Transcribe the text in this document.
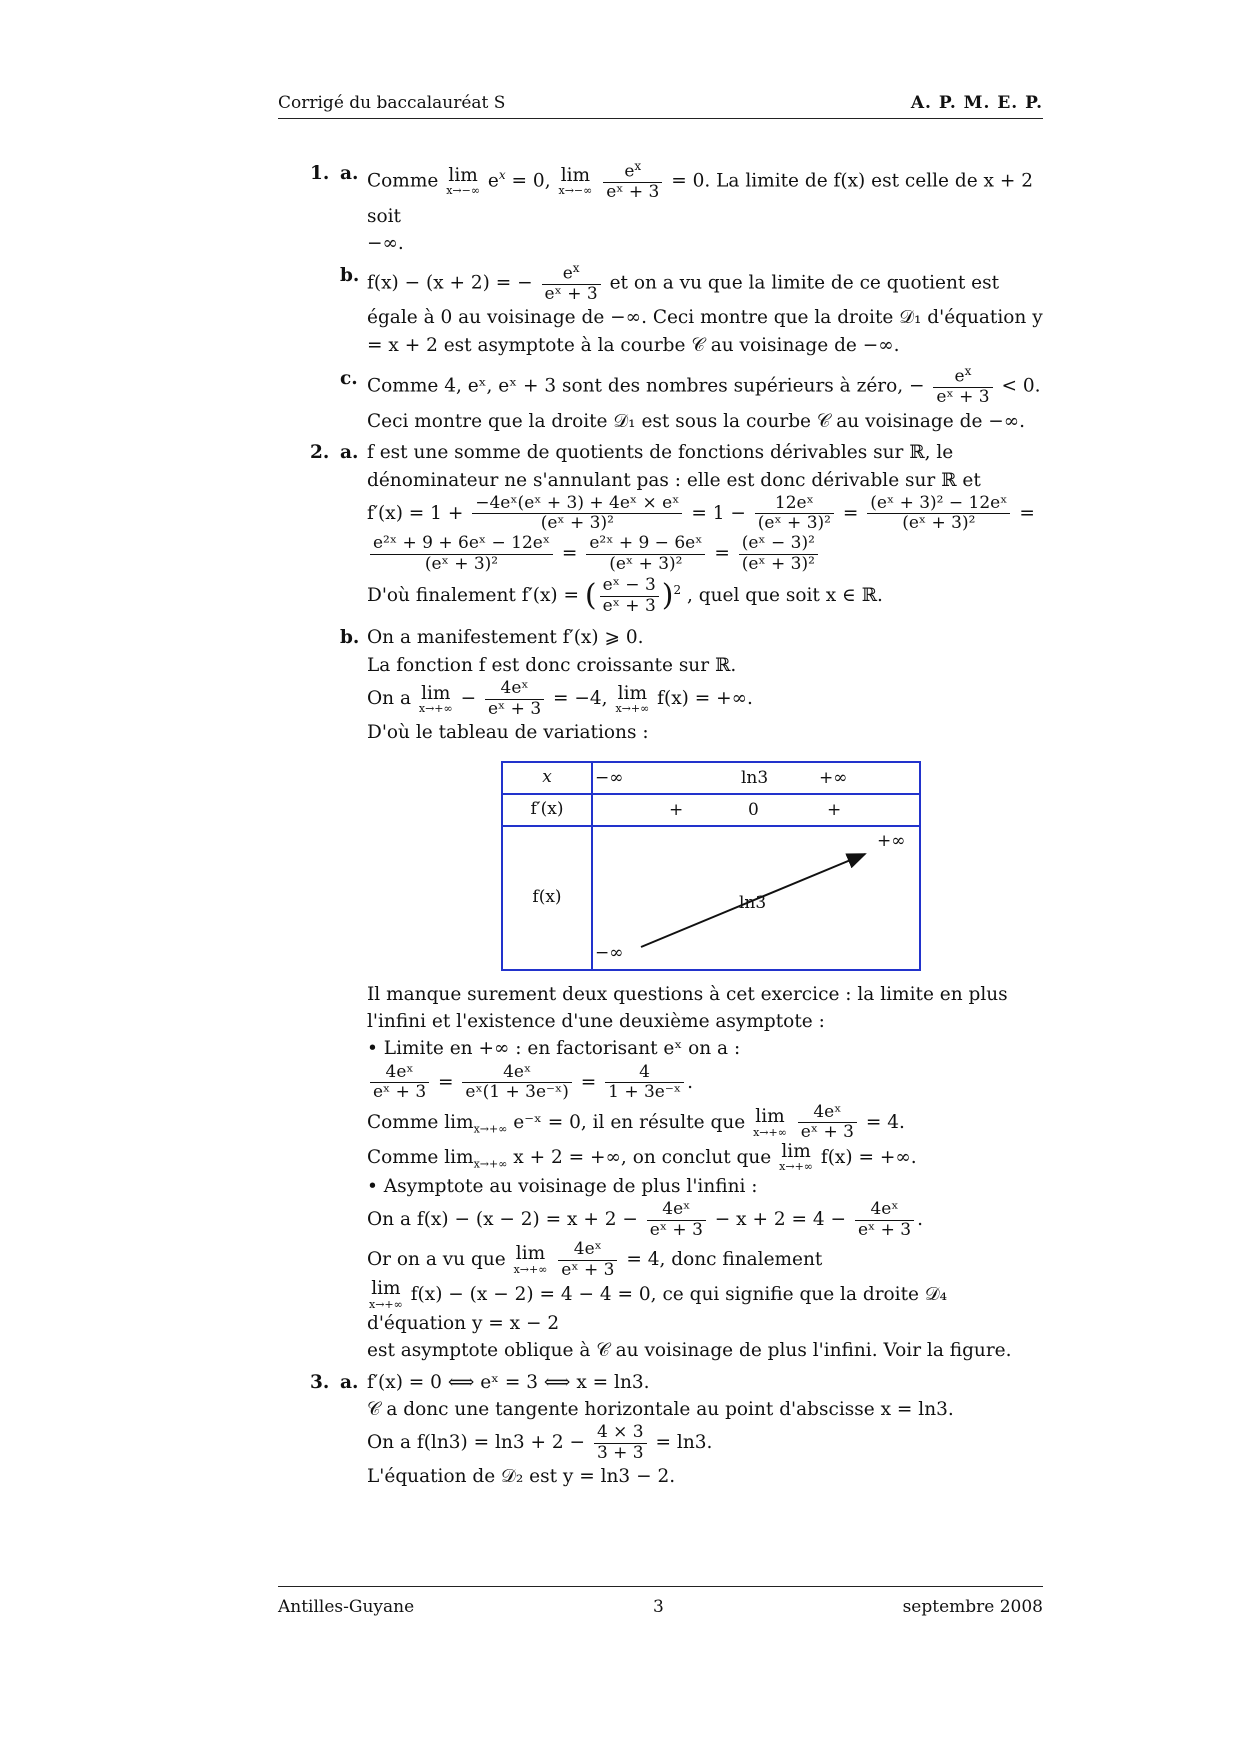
Corrigé du baccalauréat S	A. P. M. E. P.
1. a. Comme lim
x→−∞ $e^x = 0$, lim
x→−∞
$\frac{e^x}{\text{eˣ + 3}} = 0$. La limite de f(x) est celle de x + 2 soit
−∞.
b. f(x) − (x + 2) = − $\frac{e^x}{\text{eˣ + 3}}$ et on a vu que la limite de ce quotient est égale à 0 au voisinage de −∞. Ceci montre que la droite 𝒟₁ d'équation y = x + 2 est asymptote à la courbe 𝒞 au voisinage de −∞.
c. Comme 4, eˣ, eˣ + 3 sont des nombres supérieurs à zéro, − $\frac{e^x}{\text{eˣ + 3}} < 0$.
Ceci montre que la droite 𝒟₁ est sous la courbe 𝒞 au voisinage de −∞.
2. a. f est une somme de quotients de fonctions dérivables sur ℝ, le dénominateur ne s'annulant pas : elle est donc dérivable sur ℝ et
$f'(x) = 1 + \frac{\text{−4eˣ(eˣ + 3) + 4eˣ × eˣ}}{\text{(eˣ + 3)²}} = 1 - \frac{\text{12eˣ}}{\text{(eˣ + 3)²}} = \frac{\text{(eˣ + 3)² − 12eˣ}}{\text{(eˣ + 3)²}}$ =
$\frac{\text{e²ˣ + 9 + 6eˣ − 12eˣ}}{\text{(eˣ + 3)²}} = \frac{\text{e²ˣ + 9 − 6eˣ}}{\text{(eˣ + 3)²}} = \frac{\text{(eˣ − 3)²}}{\text{(eˣ + 3)²}}$
D'où finalement f′(x) = ( $\frac{\text{eˣ − 3}}{\text{eˣ + 3}} )^2$ , quel que soit x ∈ ℝ.
b. On a manifestement f′(x) ⩾ 0.
La fonction f est donc croissante sur ℝ.
On a lim
$x\to+\infty - \frac{\text{4eˣ}}{\text{eˣ + 3}} = -4$, lim
x→+∞ f(x) = +∞.
D'où le tableau de variations :
x	−∞ ln3 +∞

f′(x)	+ 0 +

f(x)	+∞
ln3
−∞
Il manque surement deux questions à cet exercice : la limite en plus l'infini et l'existence d'une deuxième asymptote :
• Limite en +∞ : en factorisant eˣ on a :
$\frac{\text{4eˣ}}{\text{eˣ + 3}} = \frac{\text{4eˣ}}{\text{eˣ(1 + 3e⁻ˣ)}} = \frac{4}{\text{1 + 3e⁻ˣ}}$ .
Comme $\lim_{x\to+\infty}$ e⁻ˣ = 0, il en résulte que lim
x→+∞
$\frac{\text{4eˣ}}{\text{eˣ + 3}} = 4$.
Comme $\lim_{x\to+\infty} x + 2$ = +∞, on conclut que lim
x→+∞ f(x) = +∞.
• Asymptote au voisinage de plus l'infini :
On a $f(x) - (x - 2) = x + 2 - \frac{\text{4eˣ}}{\text{eˣ + 3}} - x + 2 = 4 - \frac{\text{4eˣ}}{\text{eˣ + 3}}$ .
Or on a vu que lim
x→+∞
$\frac{\text{4eˣ}}{\text{eˣ + 3}} = 4$, donc finalement
lim
x→+∞ f(x) − (x − 2) = 4 − 4 = 0, ce qui signifie que la droite 𝒟₄ d'équation y = x − 2
est asymptote oblique à 𝒞 au voisinage de plus l'infini. Voir la figure.
3. a. f′(x) = 0 ⟺ eˣ = 3 ⟺ x = ln3.
𝒞 a donc une tangente horizontale au point d'abscisse x = ln3.
On a $f(\ln 3) = \ln 3 + 2 - \frac{4 \times 3}{3 + 3} = \ln 3$.
L'équation de 𝒟₂ est y = ln3 − 2.
Antilles-Guyane	3	septembre 2008
